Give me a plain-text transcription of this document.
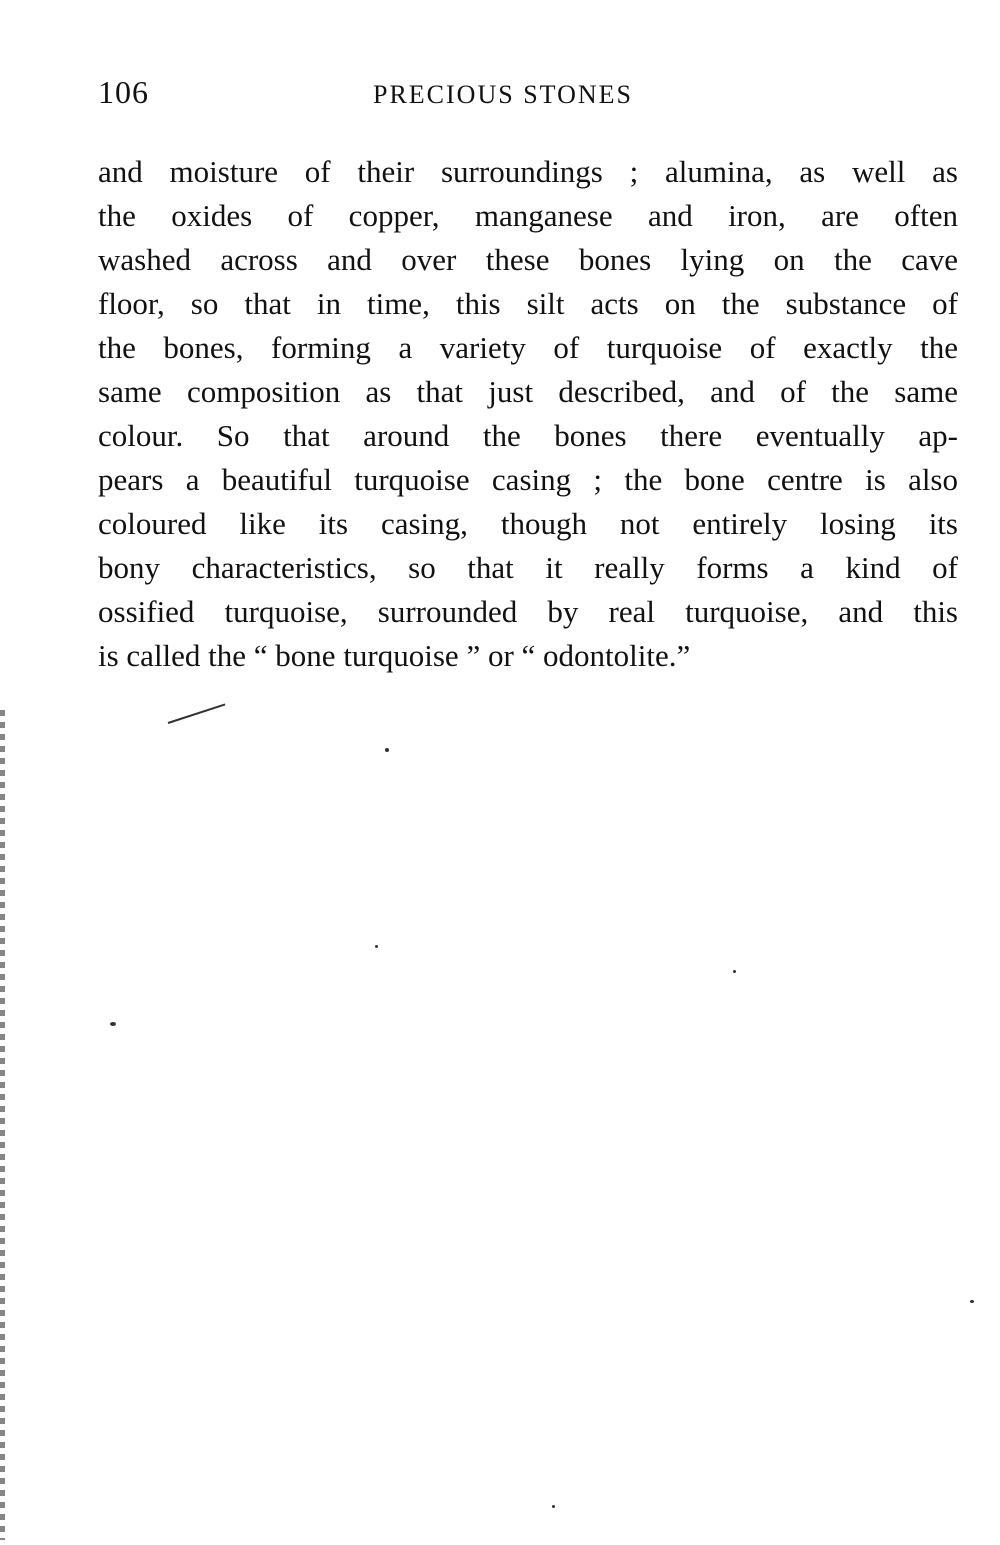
106	PRECIOUS STONES
and moisture of their surroundings ; alumina, as well as
the oxides of copper, manganese and iron, are often
washed across and over these bones lying on the cave
floor, so that in time, this silt acts on the substance of
the bones, forming a variety of turquoise of exactly the
same composition as that just described, and of the same
colour. So that around the bones there eventually ap-
pears a beautiful turquoise casing ; the bone centre is also
coloured like its casing, though not entirely losing its
bony characteristics, so that it really forms a kind of
ossified turquoise, surrounded by real turquoise, and this
is called the “ bone turquoise ” or “ odontolite.”
